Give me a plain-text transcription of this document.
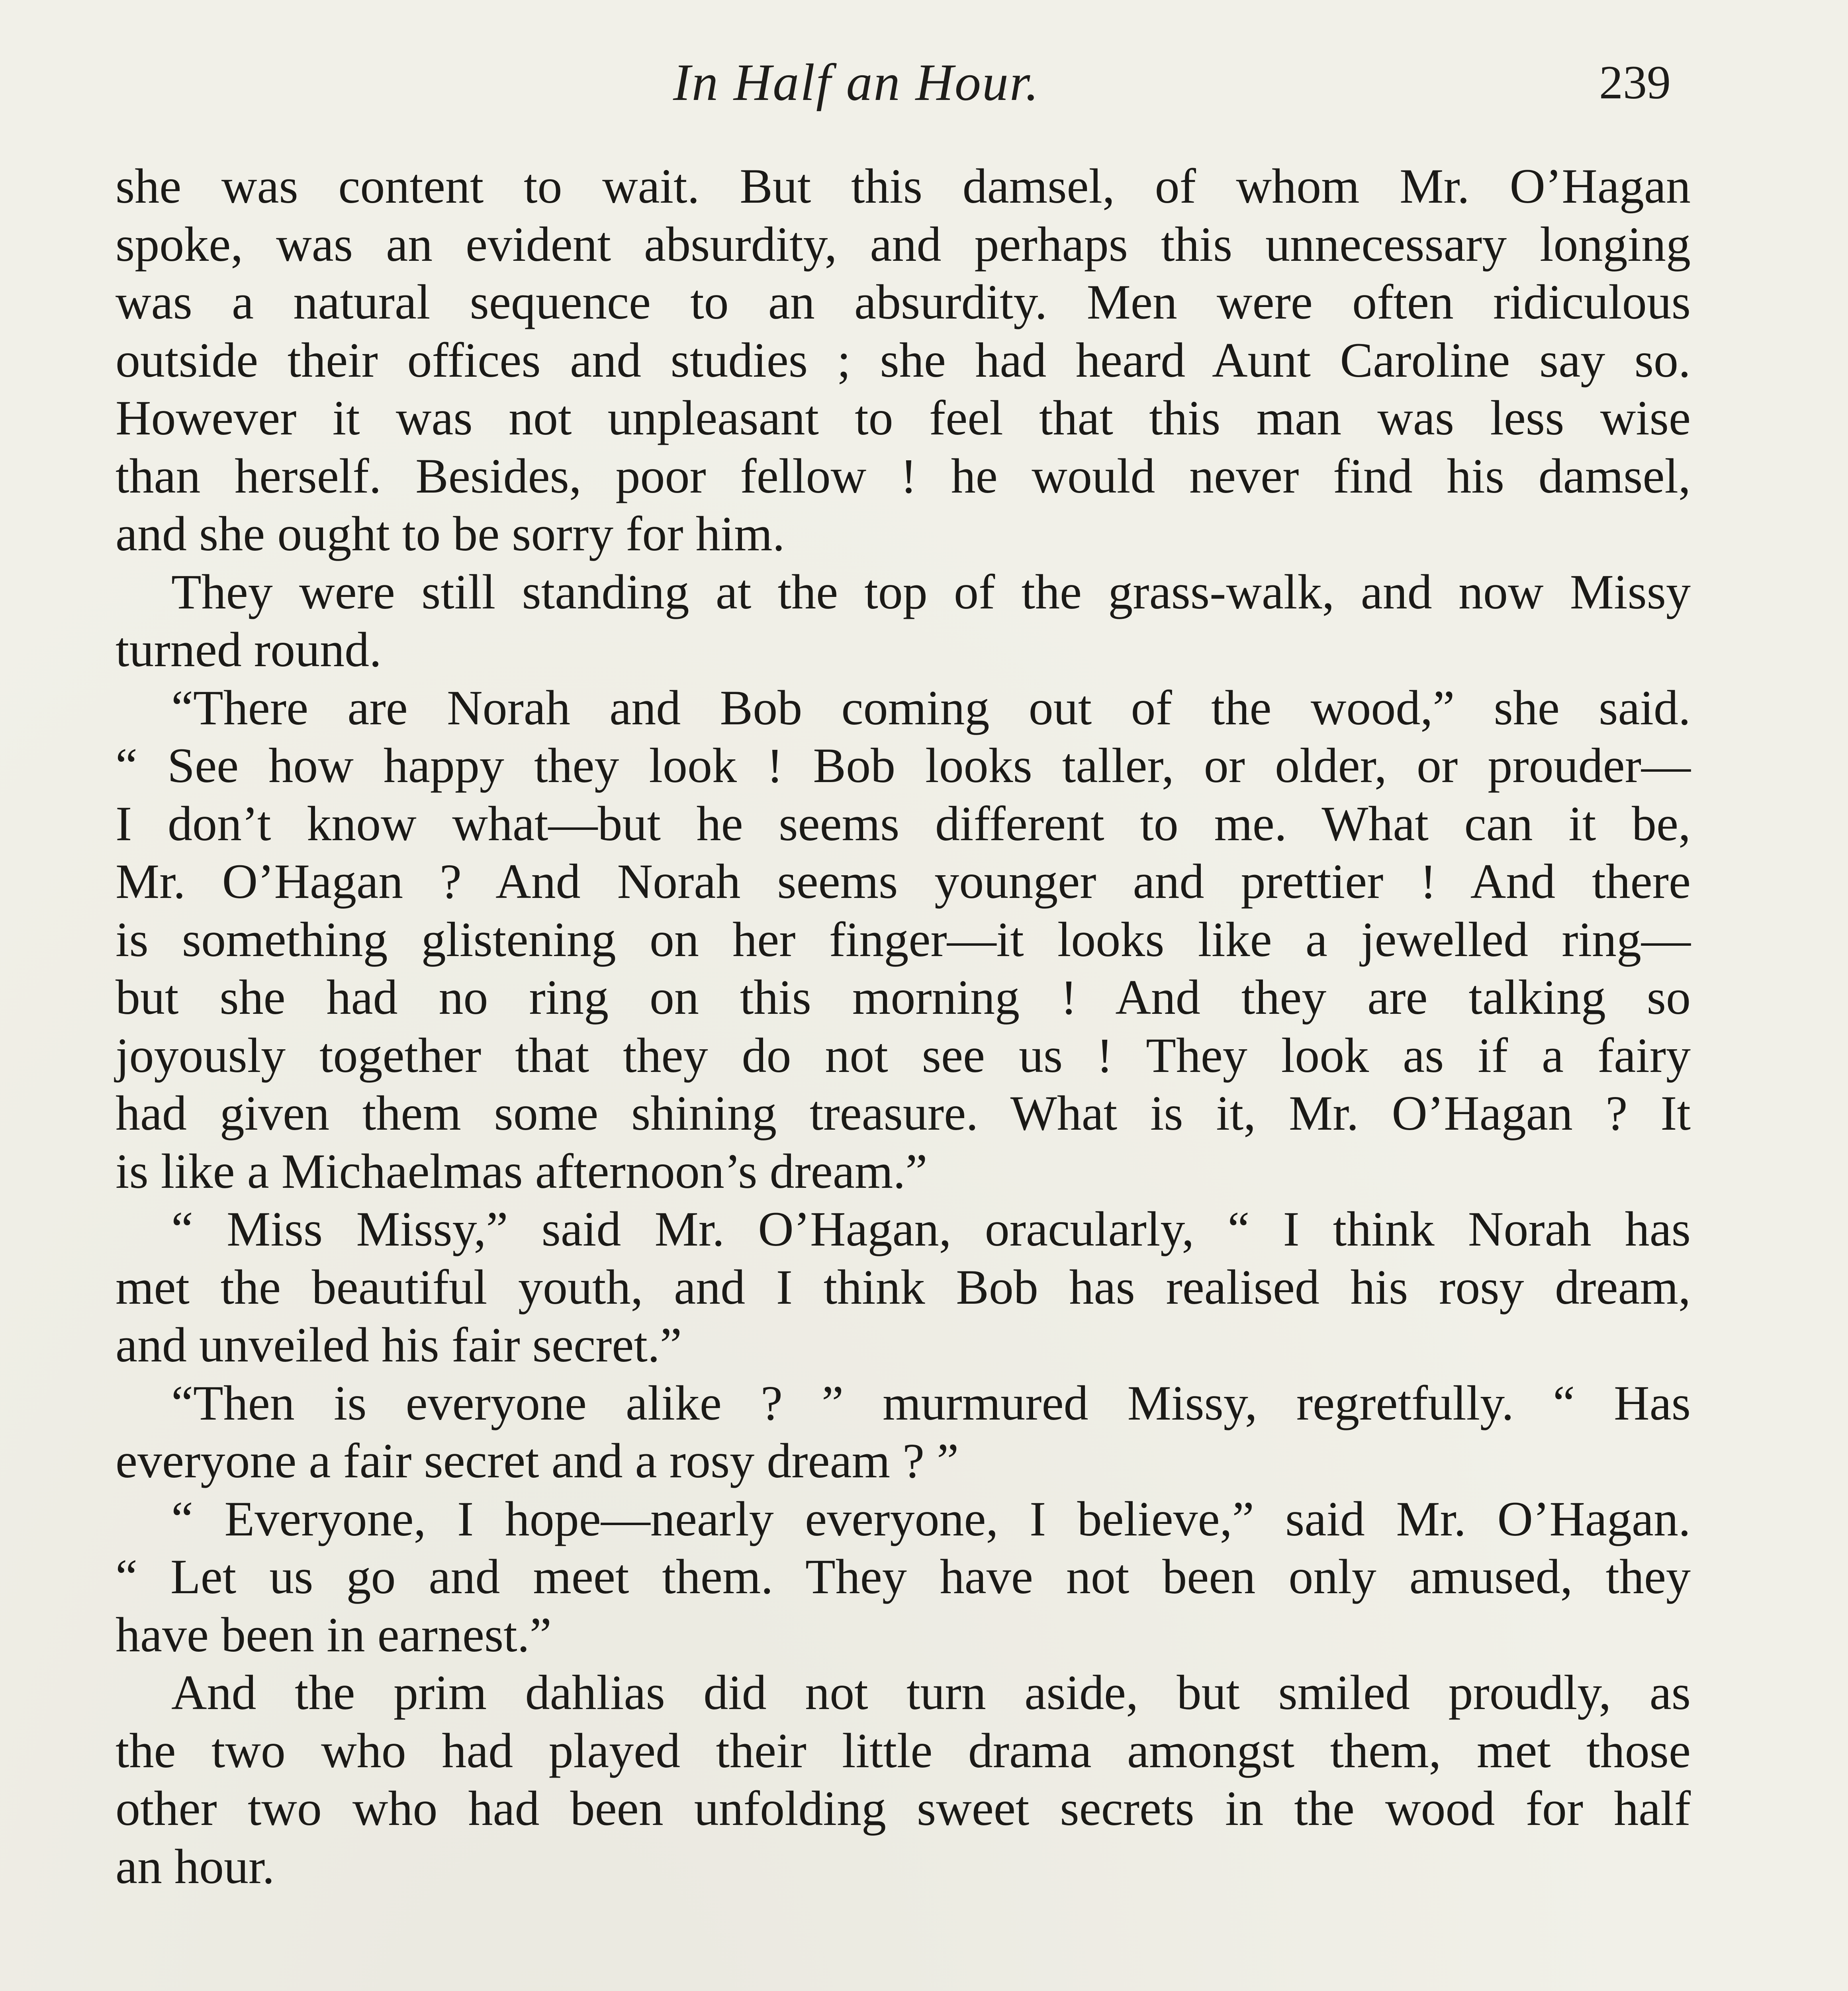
In Half an Hour.	239

she was content to wait. But this damsel, of whom Mr. O’Hagan

spoke, was an evident absurdity, and perhaps this unnecessary longing

was a natural sequence to an absurdity. Men were often ridiculous

outside their offices and studies ; she had heard Aunt Caroline say so.

However it was not unpleasant to feel that this man was less wise

than herself. Besides, poor fellow ! he would never find his damsel,

and she ought to be sorry for him.

They were still standing at the top of the grass-walk, and now Missy

turned round.

“There are Norah and Bob coming out of the wood,” she said.

“ See how happy they look ! Bob looks taller, or older, or prouder—

I don’t know what—but he seems different to me. What can it be,

Mr. O’Hagan ? And Norah seems younger and prettier ! And there

is something glistening on her finger—it looks like a jewelled ring—

but she had no ring on this morning ! And they are talking so

joyously together that they do not see us ! They look as if a fairy

had given them some shining treasure. What is it, Mr. O’Hagan ? It

is like a Michaelmas afternoon’s dream.”

“ Miss Missy,” said Mr. O’Hagan, oracularly, “ I think Norah has

met the beautiful youth, and I think Bob has realised his rosy dream,

and unveiled his fair secret.”

“Then is everyone alike ? ” murmured Missy, regretfully. “ Has

everyone a fair secret and a rosy dream ? ”

“ Everyone, I hope—nearly everyone, I believe,” said Mr. O’Hagan.

“ Let us go and meet them. They have not been only amused, they

have been in earnest.”

And the prim dahlias did not turn aside, but smiled proudly, as

the two who had played their little drama amongst them, met those

other two who had been unfolding sweet secrets in the wood for half

an hour.
